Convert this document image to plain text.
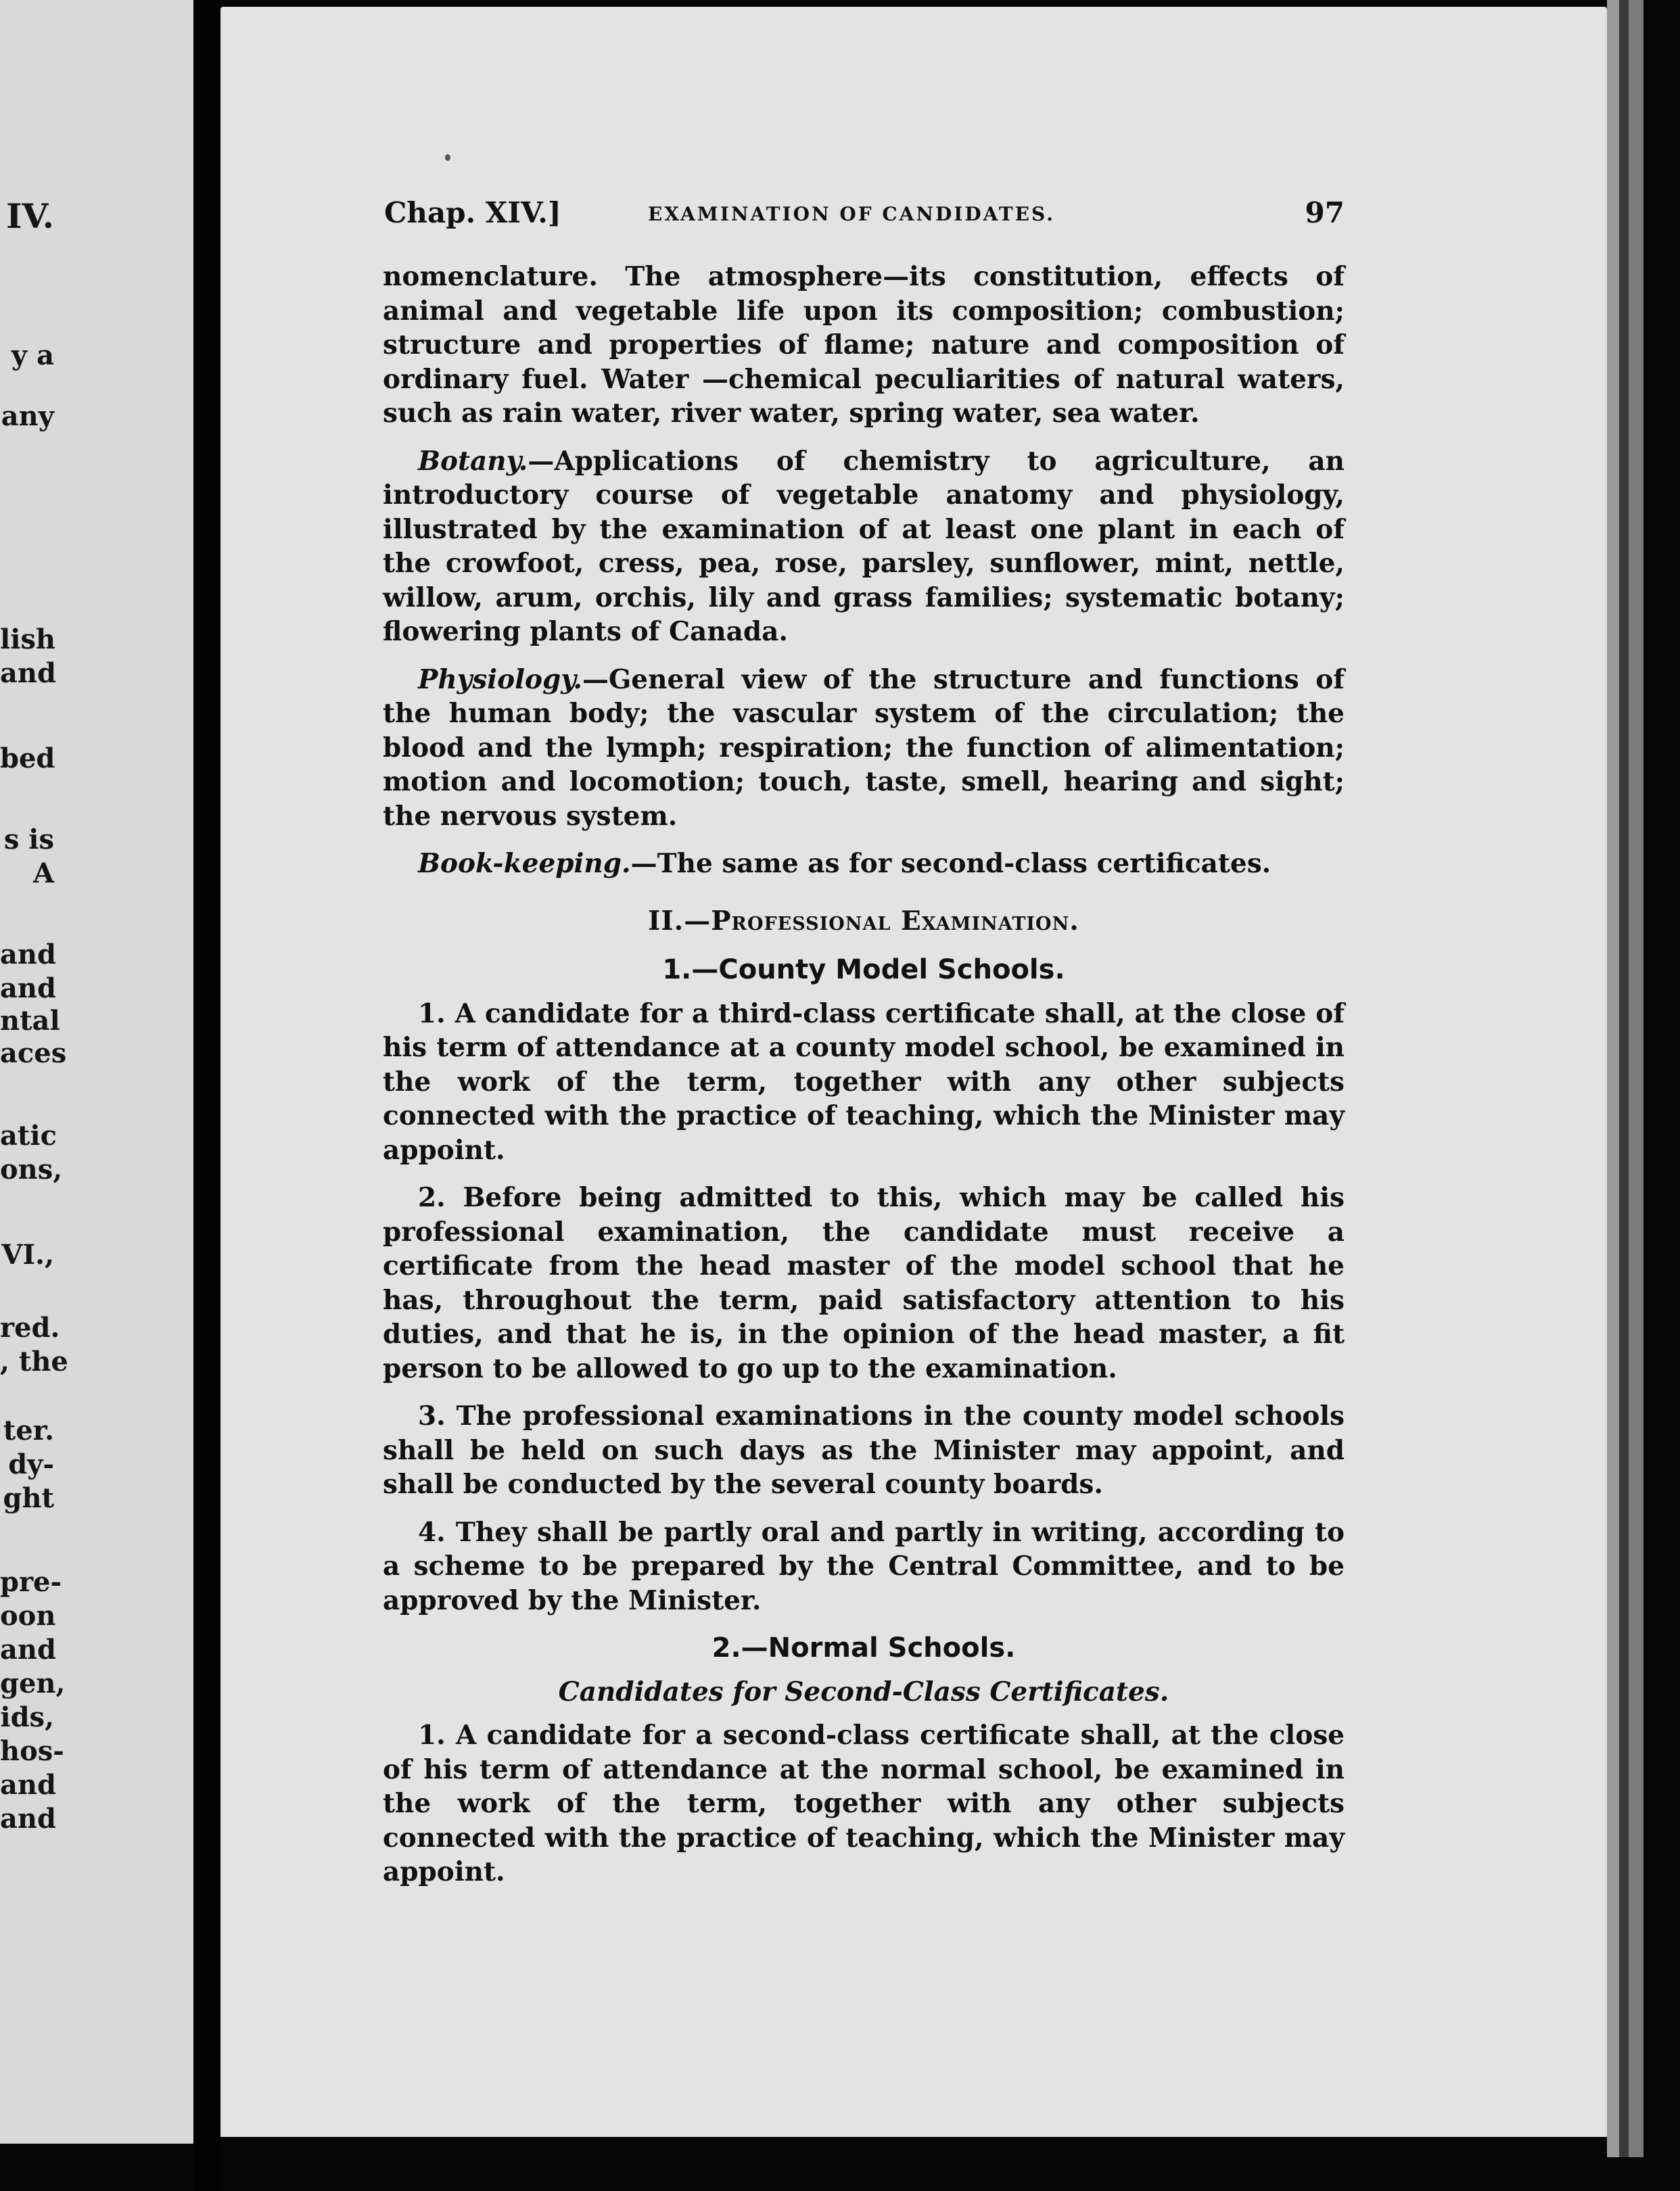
IV.
y a
any
lish
and
bed
s is
A
and
and
ntal
aces
atic
ons,
VI.,
red.
, the
ter.
dy-
ght
pre-
oon
and
gen,
ids,
hos-
and
and
Chap. XIV.]	EXAMINATION OF CANDIDATES.	97

nomenclature. The atmosphere—its constitution, effects of animal and vegetable life upon its composition; combustion; structure and properties of flame; nature and composition of ordinary fuel. Water —chemical peculiarities of natural waters, such as rain water, river water, spring water, sea water.

Botany.—Applications of chemistry to agriculture, an introductory course of vegetable anatomy and physiology, illustrated by the examination of at least one plant in each of the crowfoot, cress, pea, rose, parsley, sunflower, mint, nettle, willow, arum, orchis, lily and grass families; systematic botany; flowering plants of Canada.

Physiology.—General view of the structure and functions of the human body; the vascular system of the circulation; the blood and the lymph; respiration; the function of alimentation; motion and locomotion; touch, taste, smell, hearing and sight; the nervous system.

Book-keeping.—The same as for second-class certificates.

II.—Professional Examination.
1.—County Model Schools.

1. A candidate for a third-class certificate shall, at the close of his term of attendance at a county model school, be examined in the work of the term, together with any other subjects connected with the practice of teaching, which the Minister may appoint.

2. Before being admitted to this, which may be called his professional examination, the candidate must receive a certificate from the head master of the model school that he has, throughout the term, paid satisfactory attention to his duties, and that he is, in the opinion of the head master, a fit person to be allowed to go up to the examination.

3. The professional examinations in the county model schools shall be held on such days as the Minister may appoint, and shall be conducted by the several county boards.

4. They shall be partly oral and partly in writing, according to a scheme to be prepared by the Central Committee, and to be approved by the Minister.

2.—Normal Schools.
Candidates for Second-Class Certificates.

1. A candidate for a second-class certificate shall, at the close of his term of attendance at the normal school, be examined in the work of the term, together with any other subjects connected with the practice of teaching, which the Minister may appoint.
